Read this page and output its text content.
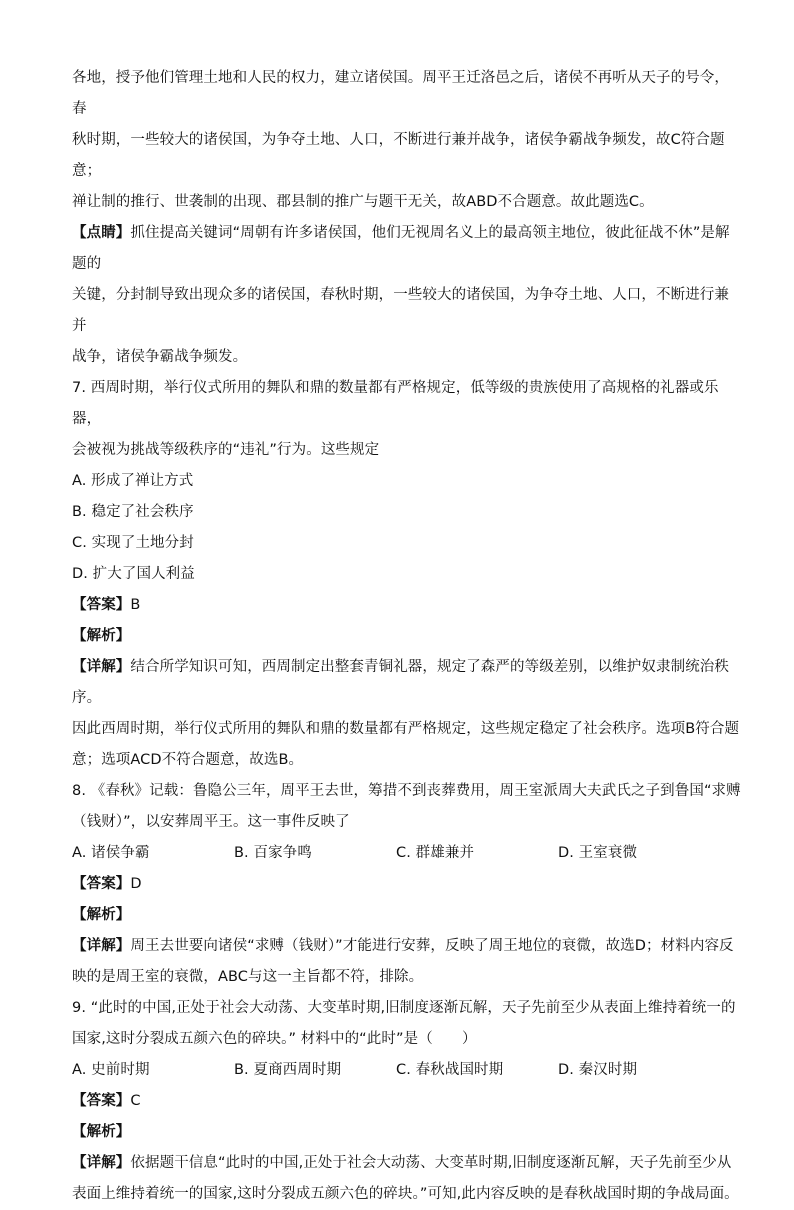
各地，授予他们管理土地和人民的权力，建立诸侯国。周平王迁洛邑之后，诸侯不再听从天子的号令，春

秋时期，一些较大的诸侯国，为争夺土地、人口，不断进行兼并战争，诸侯争霸战争频发，故C符合题意；

禅让制的推行、世袭制的出现、郡县制的推广与题干无关，故ABD不合题意。故此题选C。

【点睛】抓住提高关键词“周朝有许多诸侯国，他们无视周名义上的最高领主地位，彼此征战不休”是解题的

关键，分封制导致出现众多的诸侯国，春秋时期，一些较大的诸侯国，为争夺土地、人口，不断进行兼并

战争，诸侯争霸战争频发。

7. 西周时期，举行仪式所用的舞队和鼎的数量都有严格规定，低等级的贵族使用了高规格的礼器或乐器，

会被视为挑战等级秩序的“违礼”行为。这些规定

A. 形成了禅让方式

B. 稳定了社会秩序

C. 实现了土地分封

D. 扩大了国人利益

【答案】B

【解析】

【详解】结合所学知识可知，西周制定出整套青铜礼器，规定了森严的等级差别，以维护奴隶制统治秩序。

因此西周时期，举行仪式所用的舞队和鼎的数量都有严格规定，这些规定稳定了社会秩序。选项B符合题

意；选项ACD不符合题意，故选B。

8. 《春秋》记载：鲁隐公三年，周平王去世，筹措不到丧葬费用，周王室派周大夫武氏之子到鲁国“求赙

（钱财）”，以安葬周平王。这一事件反映了

A. 诸侯争霸	B. 百家争鸣	C. 群雄兼并	D. 王室衰微

【答案】D

【解析】

【详解】周王去世要向诸侯“求赙（钱财）”才能进行安葬，反映了周王地位的衰微，故选D；材料内容反

映的是周王室的衰微，ABC与这一主旨都不符，排除。

9. “此时的中国,正处于社会大动荡、大变革时期,旧制度逐渐瓦解，天子先前至少从表面上维持着统一的

国家,这时分裂成五颜六色的碎块。” 材料中的“此时”是（　　）

A. 史前时期	B. 夏商西周时期	C. 春秋战国时期	D. 秦汉时期

【答案】C

【解析】

【详解】依据题干信息“此时的中国,正处于社会大动荡、大变革时期,旧制度逐渐瓦解，天子先前至少从

表面上维持着统一的国家,这时分裂成五颜六色的碎块。”可知,此内容反映的是春秋战国时期的争战局面。
